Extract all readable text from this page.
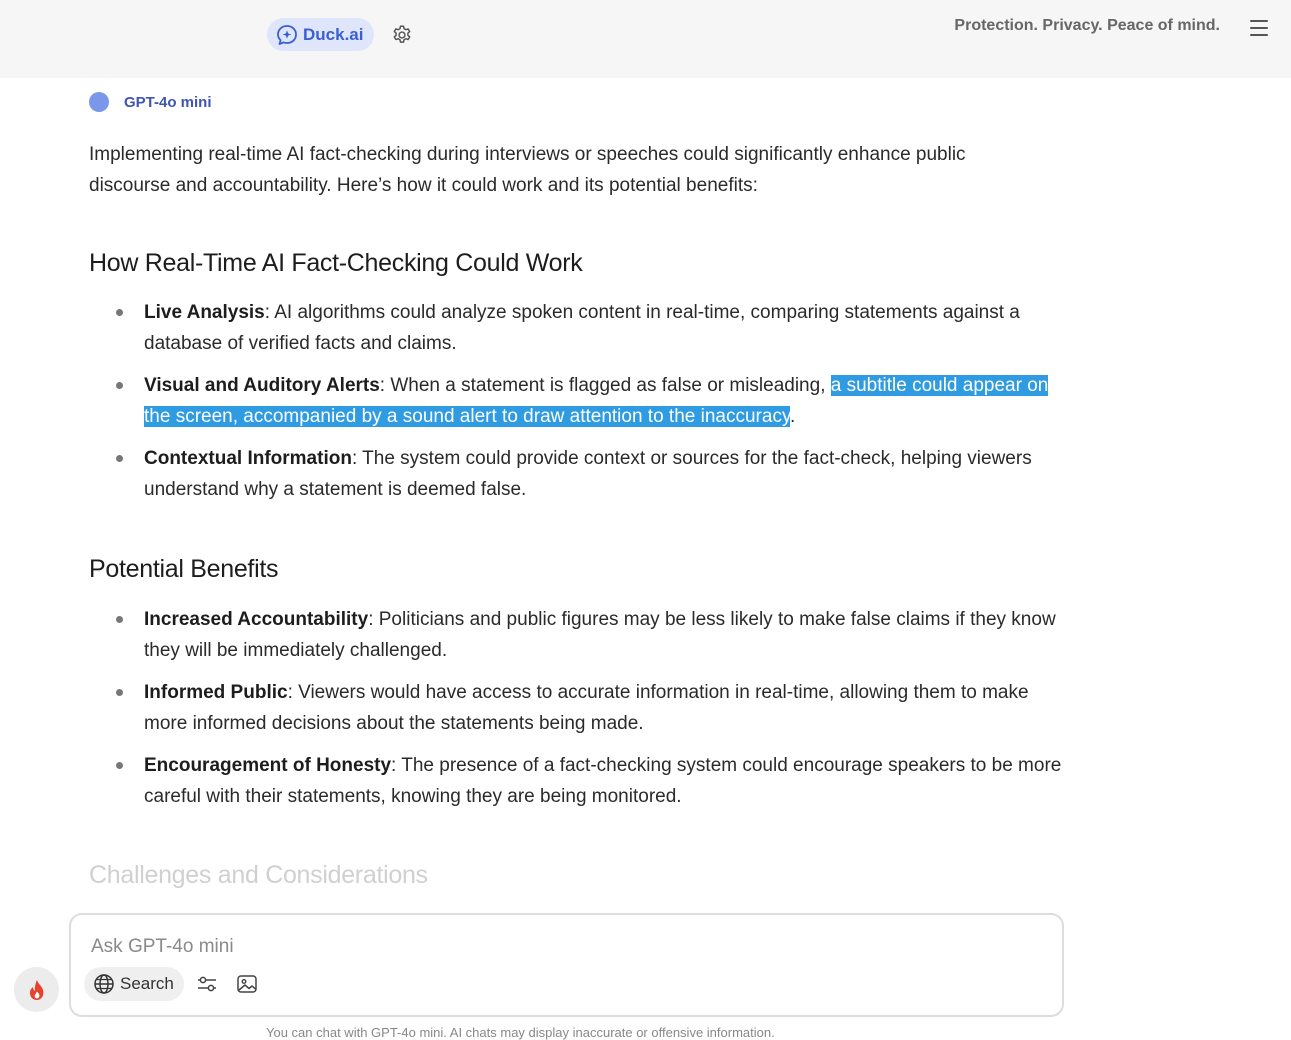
Duck.ai	Protection. Privacy. Peace of mind.
GPT-4o mini

Implementing real-time AI fact-checking during interviews or speeches could significantly enhance public discourse and accountability. Here’s how it could work and its potential benefits:

How Real-Time AI Fact-Checking Could Work
Live Analysis: AI algorithms could analyze spoken content in real-time, comparing statements against a database of verified facts and claims.
Visual and Auditory Alerts: When a statement is flagged as false or misleading, a subtitle could appear on the screen, accompanied by a sound alert to draw attention to the inaccuracy.
Contextual Information: The system could provide context or sources for the fact-check, helping viewers understand why a statement is deemed false.
Potential Benefits
Increased Accountability: Politicians and public figures may be less likely to make false claims if they know they will be immediately challenged.
Informed Public: Viewers would have access to accurate information in real-time, allowing them to make more informed decisions about the statements being made.
Encouragement of Honesty: The presence of a fact-checking system could encourage speakers to be more careful with their statements, knowing they are being monitored.
Challenges and Considerations
Ask GPT-4o mini
Search
You can chat with GPT-4o mini. AI chats may display inaccurate or offensive information.
